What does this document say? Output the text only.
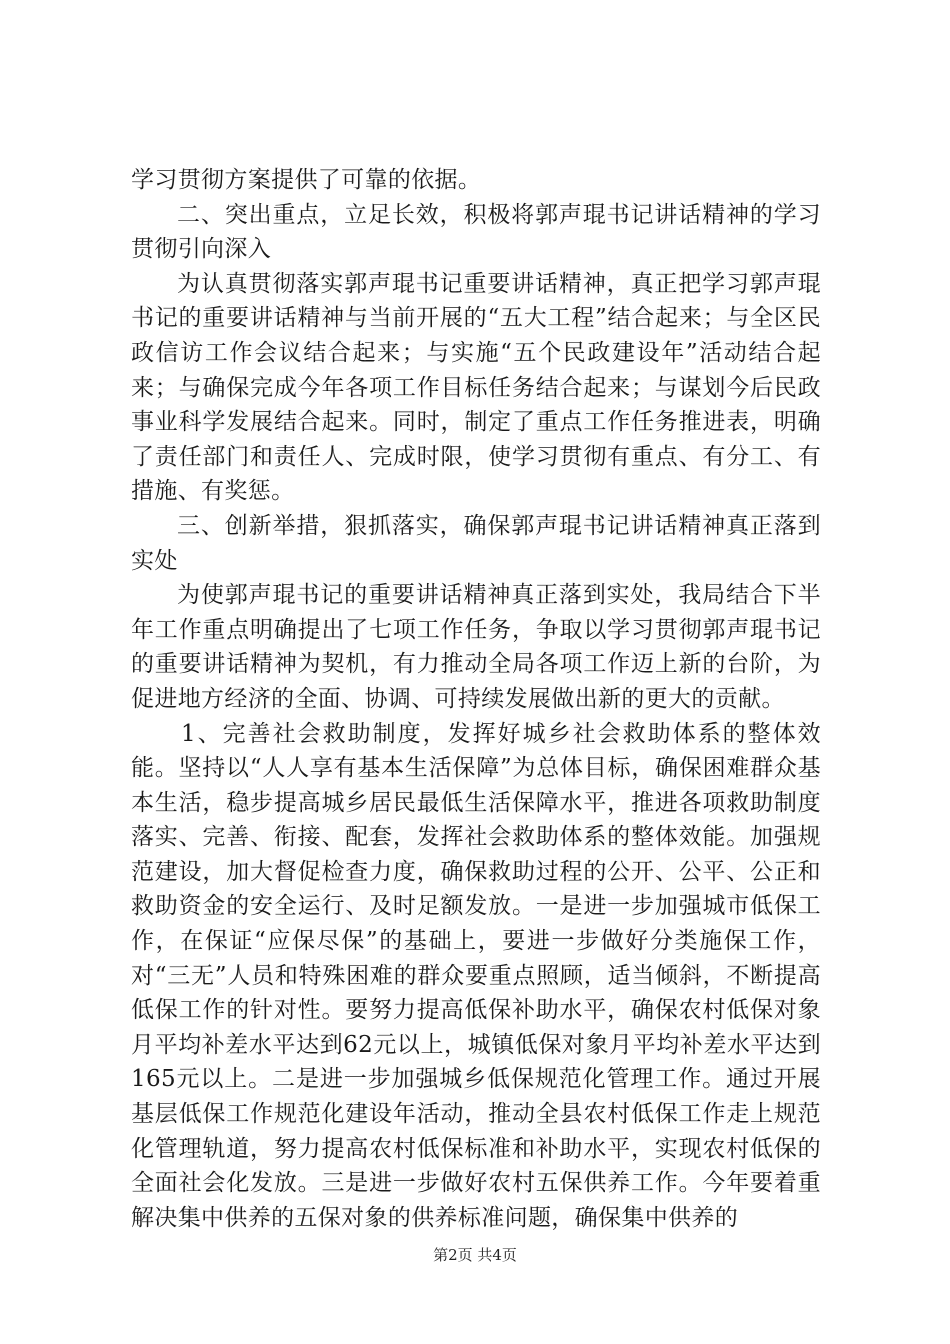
学习贯彻方案提供了可靠的依据。

二、突出重点，立足长效，积极将郭声琨书记讲话精神的学习贯彻引向深入

为认真贯彻落实郭声琨书记重要讲话精神，真正把学习郭声琨书记的重要讲话精神与当前开展的“五大工程”结合起来；与全区民政信访工作会议结合起来；与实施“五个民政建设年”活动结合起来；与确保完成今年各项工作目标任务结合起来；与谋划今后民政事业科学发展结合起来。同时，制定了重点工作任务推进表，明确了责任部门和责任人、完成时限，使学习贯彻有重点、有分工、有措施、有奖惩。

三、创新举措，狠抓落实，确保郭声琨书记讲话精神真正落到实处

为使郭声琨书记的重要讲话精神真正落到实处，我局结合下半年工作重点明确提出了七项工作任务，争取以学习贯彻郭声琨书记的重要讲话精神为契机，有力推动全局各项工作迈上新的台阶，为促进地方经济的全面、协调、可持续发展做出新的更大的贡献。

1、完善社会救助制度，发挥好城乡社会救助体系的整体效能。坚持以“人人享有基本生活保障”为总体目标，确保困难群众基本生活，稳步提高城乡居民最低生活保障水平，推进各项救助制度落实、完善、衔接、配套，发挥社会救助体系的整体效能。加强规范建设，加大督促检查力度，确保救助过程的公开、公平、公正和救助资金的安全运行、及时足额发放。一是进一步加强城市低保工作，在保证“应保尽保”的基础上，要进一步做好分类施保工作，对“三无”人员和特殊困难的群众要重点照顾，适当倾斜，不断提高低保工作的针对性。要努力提高低保补助水平，确保农村低保对象月平均补差水平达到62元以上，城镇低保对象月平均补差水平达到165元以上。二是进一步加强城乡低保规范化管理工作。通过开展基层低保工作规范化建设年活动，推动全县农村低保工作走上规范化管理轨道，努力提高农村低保标准和补助水平，实现农村低保的全面社会化发放。三是进一步做好农村五保供养工作。今年要着重解决集中供养的五保对象的供养标准问题，确保集中供养的

第2页 共4页
